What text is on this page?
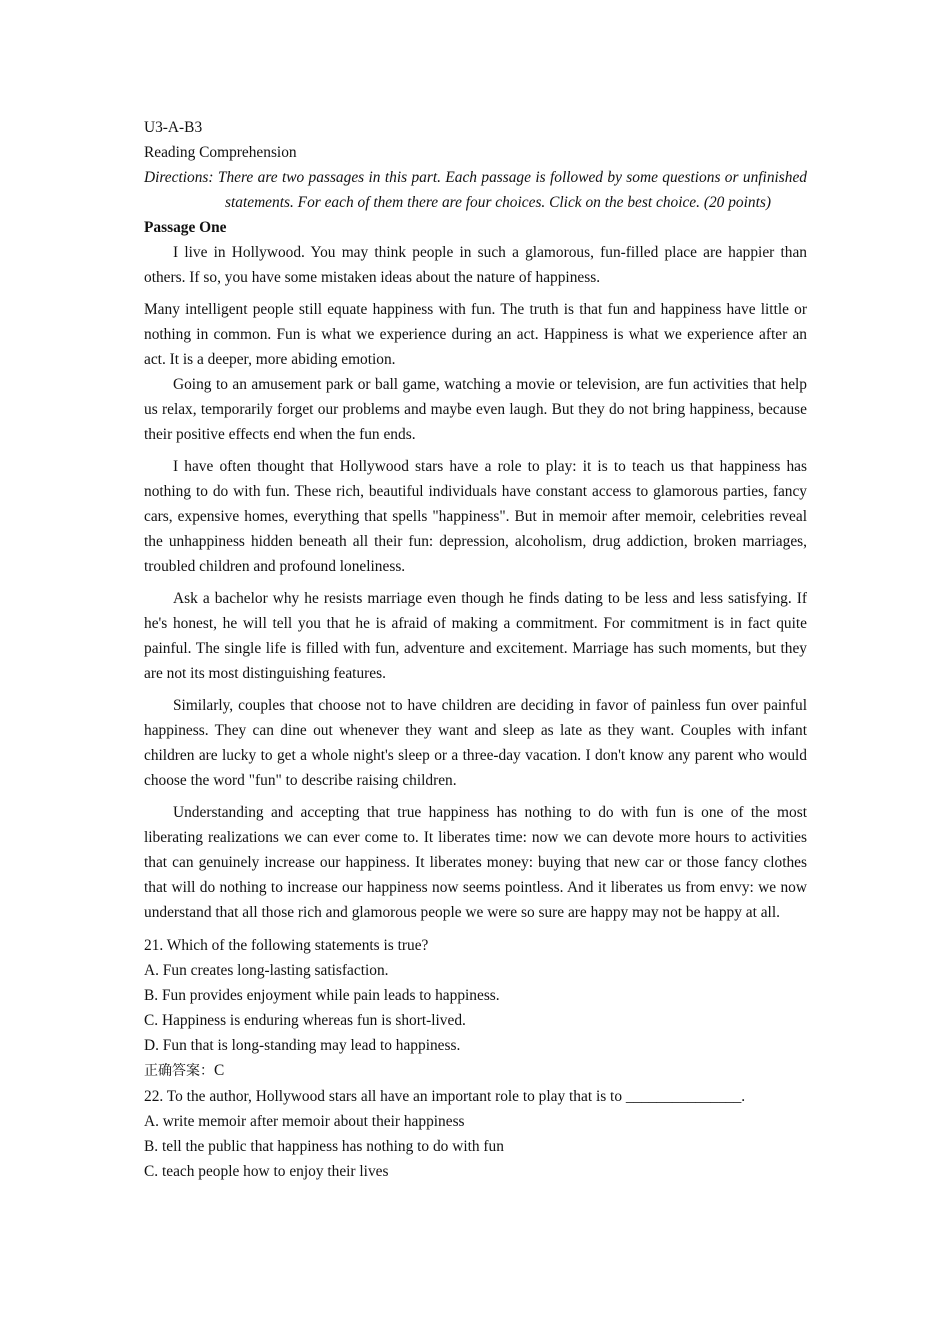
U3-A-B3

Reading Comprehension

Directions: There are two passages in this part. Each passage is followed by some questions or unfinished statements. For each of them there are four choices. Click on the best choice. (20 points)

Passage One

I live in Hollywood. You may think people in such a glamorous, fun-filled place are happier than others. If so, you have some mistaken ideas about the nature of happiness.

Many intelligent people still equate happiness with fun. The truth is that fun and happiness have little or nothing in common. Fun is what we experience during an act. Happiness is what we experience after an act. It is a deeper, more abiding emotion.

Going to an amusement park or ball game, watching a movie or television, are fun activities that help us relax, temporarily forget our problems and maybe even laugh. But they do not bring happiness, because their positive effects end when the fun ends.

I have often thought that Hollywood stars have a role to play: it is to teach us that happiness has nothing to do with fun. These rich, beautiful individuals have constant access to glamorous parties, fancy cars, expensive homes, everything that spells "happiness". But in memoir after memoir, celebrities reveal the unhappiness hidden beneath all their fun: depression, alcoholism, drug addiction, broken marriages, troubled children and profound loneliness.

Ask a bachelor why he resists marriage even though he finds dating to be less and less satisfying. If he's honest, he will tell you that he is afraid of making a commitment. For commitment is in fact quite painful. The single life is filled with fun, adventure and excitement. Marriage has such moments, but they are not its most distinguishing features.

Similarly, couples that choose not to have children are deciding in favor of painless fun over painful happiness. They can dine out whenever they want and sleep as late as they want. Couples with infant children are lucky to get a whole night's sleep or a three-day vacation. I don't know any parent who would choose the word "fun" to describe raising children.

Understanding and accepting that true happiness has nothing to do with fun is one of the most liberating realizations we can ever come to. It liberates time: now we can devote more hours to activities that can genuinely increase our happiness. It liberates money: buying that new car or those fancy clothes that will do nothing to increase our happiness now seems pointless. And it liberates us from envy: we now understand that all those rich and glamorous people we were so sure are happy may not be happy at all.

21. Which of the following statements is true?

A. Fun creates long-lasting satisfaction.

B. Fun provides enjoyment while pain leads to happiness.

C. Happiness is enduring whereas fun is short-lived.

D. Fun that is long-standing may lead to happiness.

正确答案：C

22. To the author, Hollywood stars all have an important role to play that is to _______________.

A. write memoir after memoir about their happiness

B. tell the public that happiness has nothing to do with fun

C. teach people how to enjoy their lives
